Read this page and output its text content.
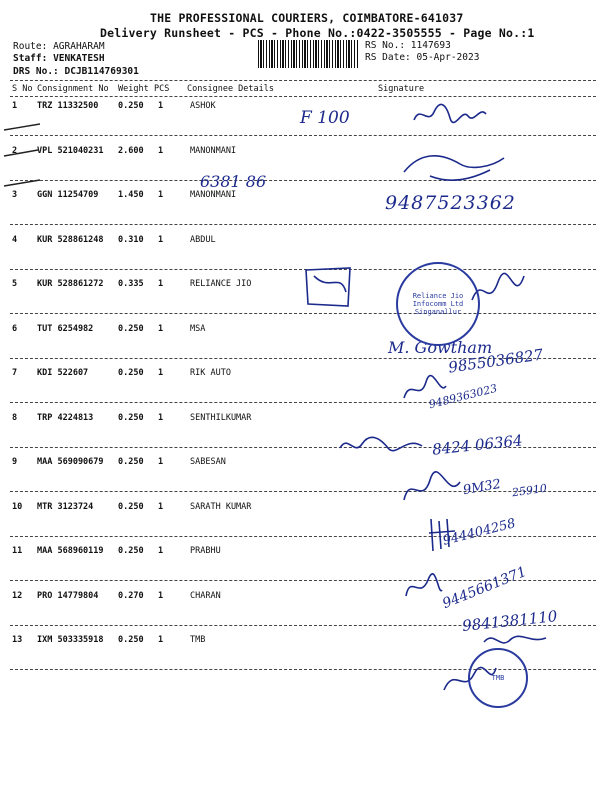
THE PROFESSIONAL COURIERS, COIMBATORE-641037
Delivery Runsheet - PCS - Phone No.:0422-3505555 - Page No.:1
Route: AGRAHARAM
Staff: VENKATESH
DRS No.: DCJB114769301
RS No.: 1147693
RS Date: 05-Apr-2023
S No Consignment No Weight PCS Consignee Details	Signature
1 TRZ 11332500 0.250 1	ASHOK
2 VPL 521040231 2.600 1	MANONMANI
3 GGN 11254709 1.450 1	MANONMANI
4 KUR 528861248 0.310 1	ABDUL
5 KUR 528861272 0.335 1	RELIANCE JIO
6 TUT 6254982	0.250 1	MSA
7 KDI 522607	0.250 1	RIK AUTO
8 TRP 4224813	0.250 1	SENTHILKUMAR
9 MAA 569090679 0.250 1	SABESAN
10 MTR 3123724	0.250 1	SARATH KUMAR
11 MAA 568960119 0.250 1	PRABHU
12 PRO 14779804 0.270 1	CHARAN
13 IXM 503335918 0.250 1	TMB
F 100
6381 86
9487523362
M. Gowtham
9855036827
9489363023
8424 06364
9M32 25910
944404258
9445661371
9841381110
Reliance Jio Infocomm Ltd Singanallur
TMB
